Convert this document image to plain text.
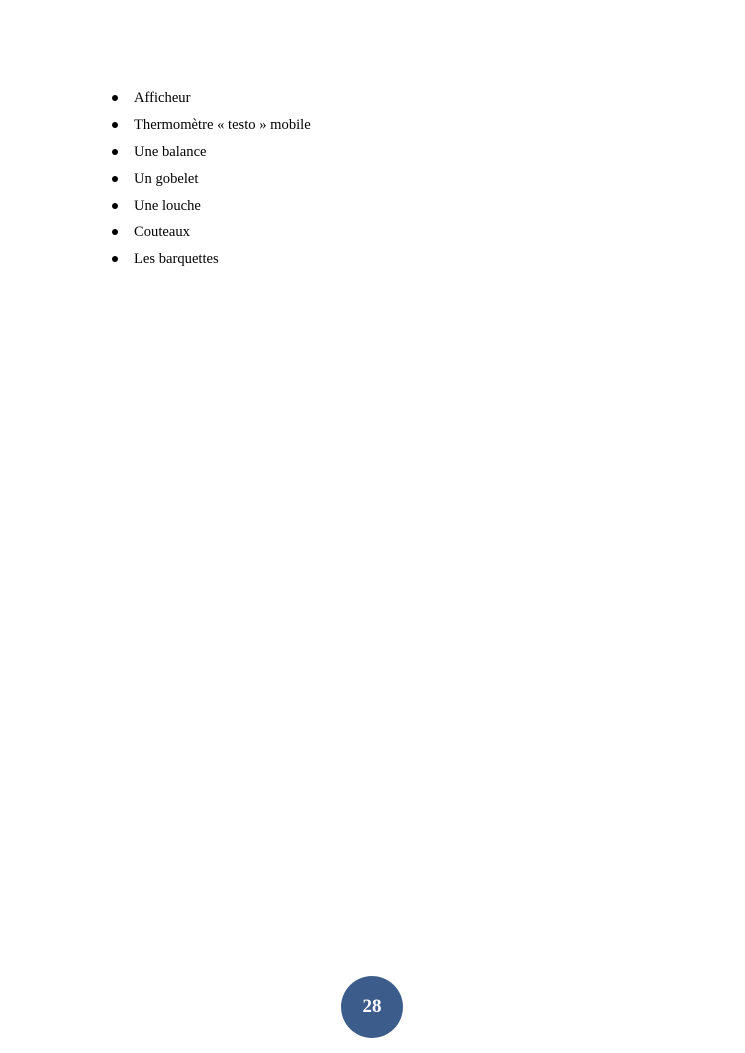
Afficheur
Thermomètre « testo » mobile
Une balance
Un gobelet
Une louche
Couteaux
Les barquettes
28
